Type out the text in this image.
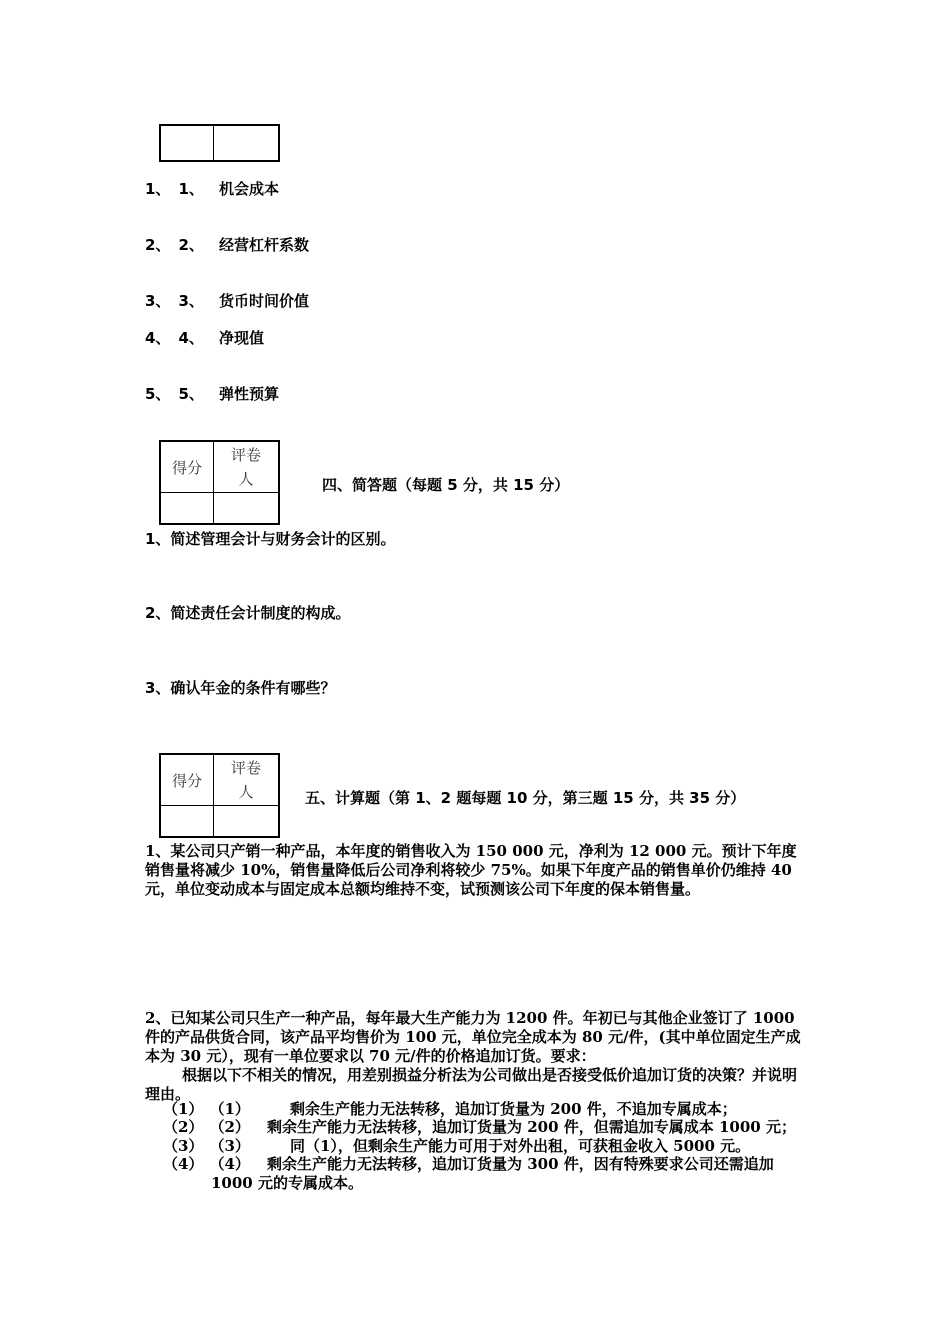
1、 1、 机会成本
2、 2、 经营杠杆系数
3、 3、 货币时间价值
4、 4、 净现值
5、 5、 弹性预算
得分	评卷人
		四、简答题（每题 5 分，共 15 分）
1、简述管理会计与财务会计的区别。
2、简述责任会计制度的构成。
3、确认年金的条件有哪些？
得分	评卷人
		五、计算题（第 1、2 题每题 10 分，第三题 15 分，共 35 分）
1、某公司只产销一种产品，本年度的销售收入为 150 000 元，净利为 12 000 元。预计下年度销售量将减少 10%，销售量降低后公司净利将较少 75%。如果下年度产品的销售单价仍维持 40 元，单位变动成本与固定成本总额均维持不变，试预测该公司下年度的保本销售量。
2、已知某公司只生产一种产品，每年最大生产能力为 1200 件。年初已与其他企业签订了 1000 件的产品供货合同，该产品平均售价为 100 元，单位完全成本为 80 元/件，(其中单位固定生产成本为 30 元），现有一单位要求以 70 元/件的价格追加订货。要求：
根据以下不相关的情况，用差别损益分析法为公司做出是否接受低价追加订货的决策？并说明理由。
（1） （1）	剩余生产能力无法转移，追加订货量为 200 件，不追加专属成本；
（2） （2） 剩余生产能力无法转移，追加订货量为 200 件，但需追加专属成本 1000 元；
（3） （3）	同（1），但剩余生产能力可用于对外出租，可获租金收入 5000 元。
（4） （4） 剩余生产能力无法转移，追加订货量为 300 件，因有特殊要求公司还需追加
1000 元的专属成本。
